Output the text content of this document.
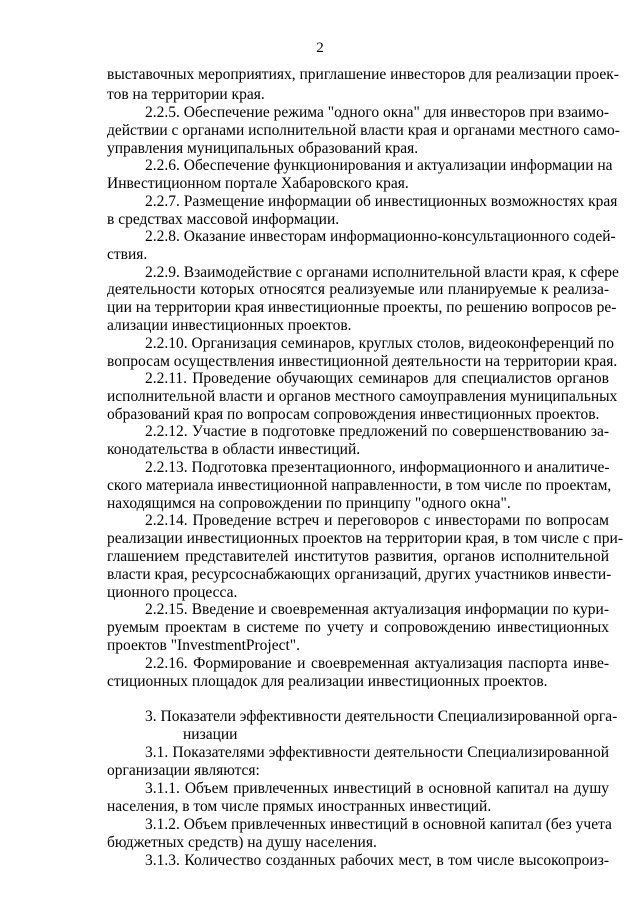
2
выставочных мероприятиях, приглашение инвесторов для реализации проек-
тов на территории края.
2.2.5. Обеспечение режима "одного окна" для инвесторов при взаимо-
действии с органами исполнительной власти края и органами местного само-
управления муниципальных образований края.
2.2.6. Обеспечение функционирования и актуализации информации на
Инвестиционном портале Хабаровского края.
2.2.7. Размещение информации об инвестиционных возможностях края
в средствах массовой информации.
2.2.8. Оказание инвесторам информационно-консультационного содей-
ствия.
2.2.9. Взаимодействие с органами исполнительной власти края, к сфере
деятельности которых относятся реализуемые или планируемые к реализа-
ции на территории края инвестиционные проекты, по решению вопросов ре-
ализации инвестиционных проектов.
2.2.10. Организация семинаров, круглых столов, видеоконференций по
вопросам осуществления инвестиционной деятельности на территории края.
2.2.11. Проведение обучающих семинаров для специалистов органов
исполнительной власти и органов местного самоуправления муниципальных
образований края по вопросам сопровождения инвестиционных проектов.
2.2.12. Участие в подготовке предложений по совершенствованию за-
конодательства в области инвестиций.
2.2.13. Подготовка презентационного, информационного и аналитиче-
ского материала инвестиционной направленности, в том числе по проектам,
находящимся на сопровождении по принципу "одного окна".
2.2.14. Проведение встреч и переговоров с инвесторами по вопросам
реализации инвестиционных проектов на территории края, в том числе с при-
глашением представителей институтов развития, органов исполнительной
власти края, ресурсоснабжающих организаций, других участников инвести-
ционного процесса.
2.2.15. Введение и своевременная актуализация информации по кури-
руемым проектам в системе по учету и сопровождению инвестиционных
проектов "InvestmentProject".
2.2.16. Формирование и своевременная актуализация паспорта инве-
стиционных площадок для реализации инвестиционных проектов.
3. Показатели эффективности деятельности Специализированной орга-
низации
3.1. Показателями эффективности деятельности Специализированной
организации являются:
3.1.1. Объем привлеченных инвестиций в основной капитал на душу
населения, в том числе прямых иностранных инвестиций.
3.1.2. Объем привлеченных инвестиций в основной капитал (без учета
бюджетных средств) на душу населения.
3.1.3. Количество созданных рабочих мест, в том числе высокопроиз-
